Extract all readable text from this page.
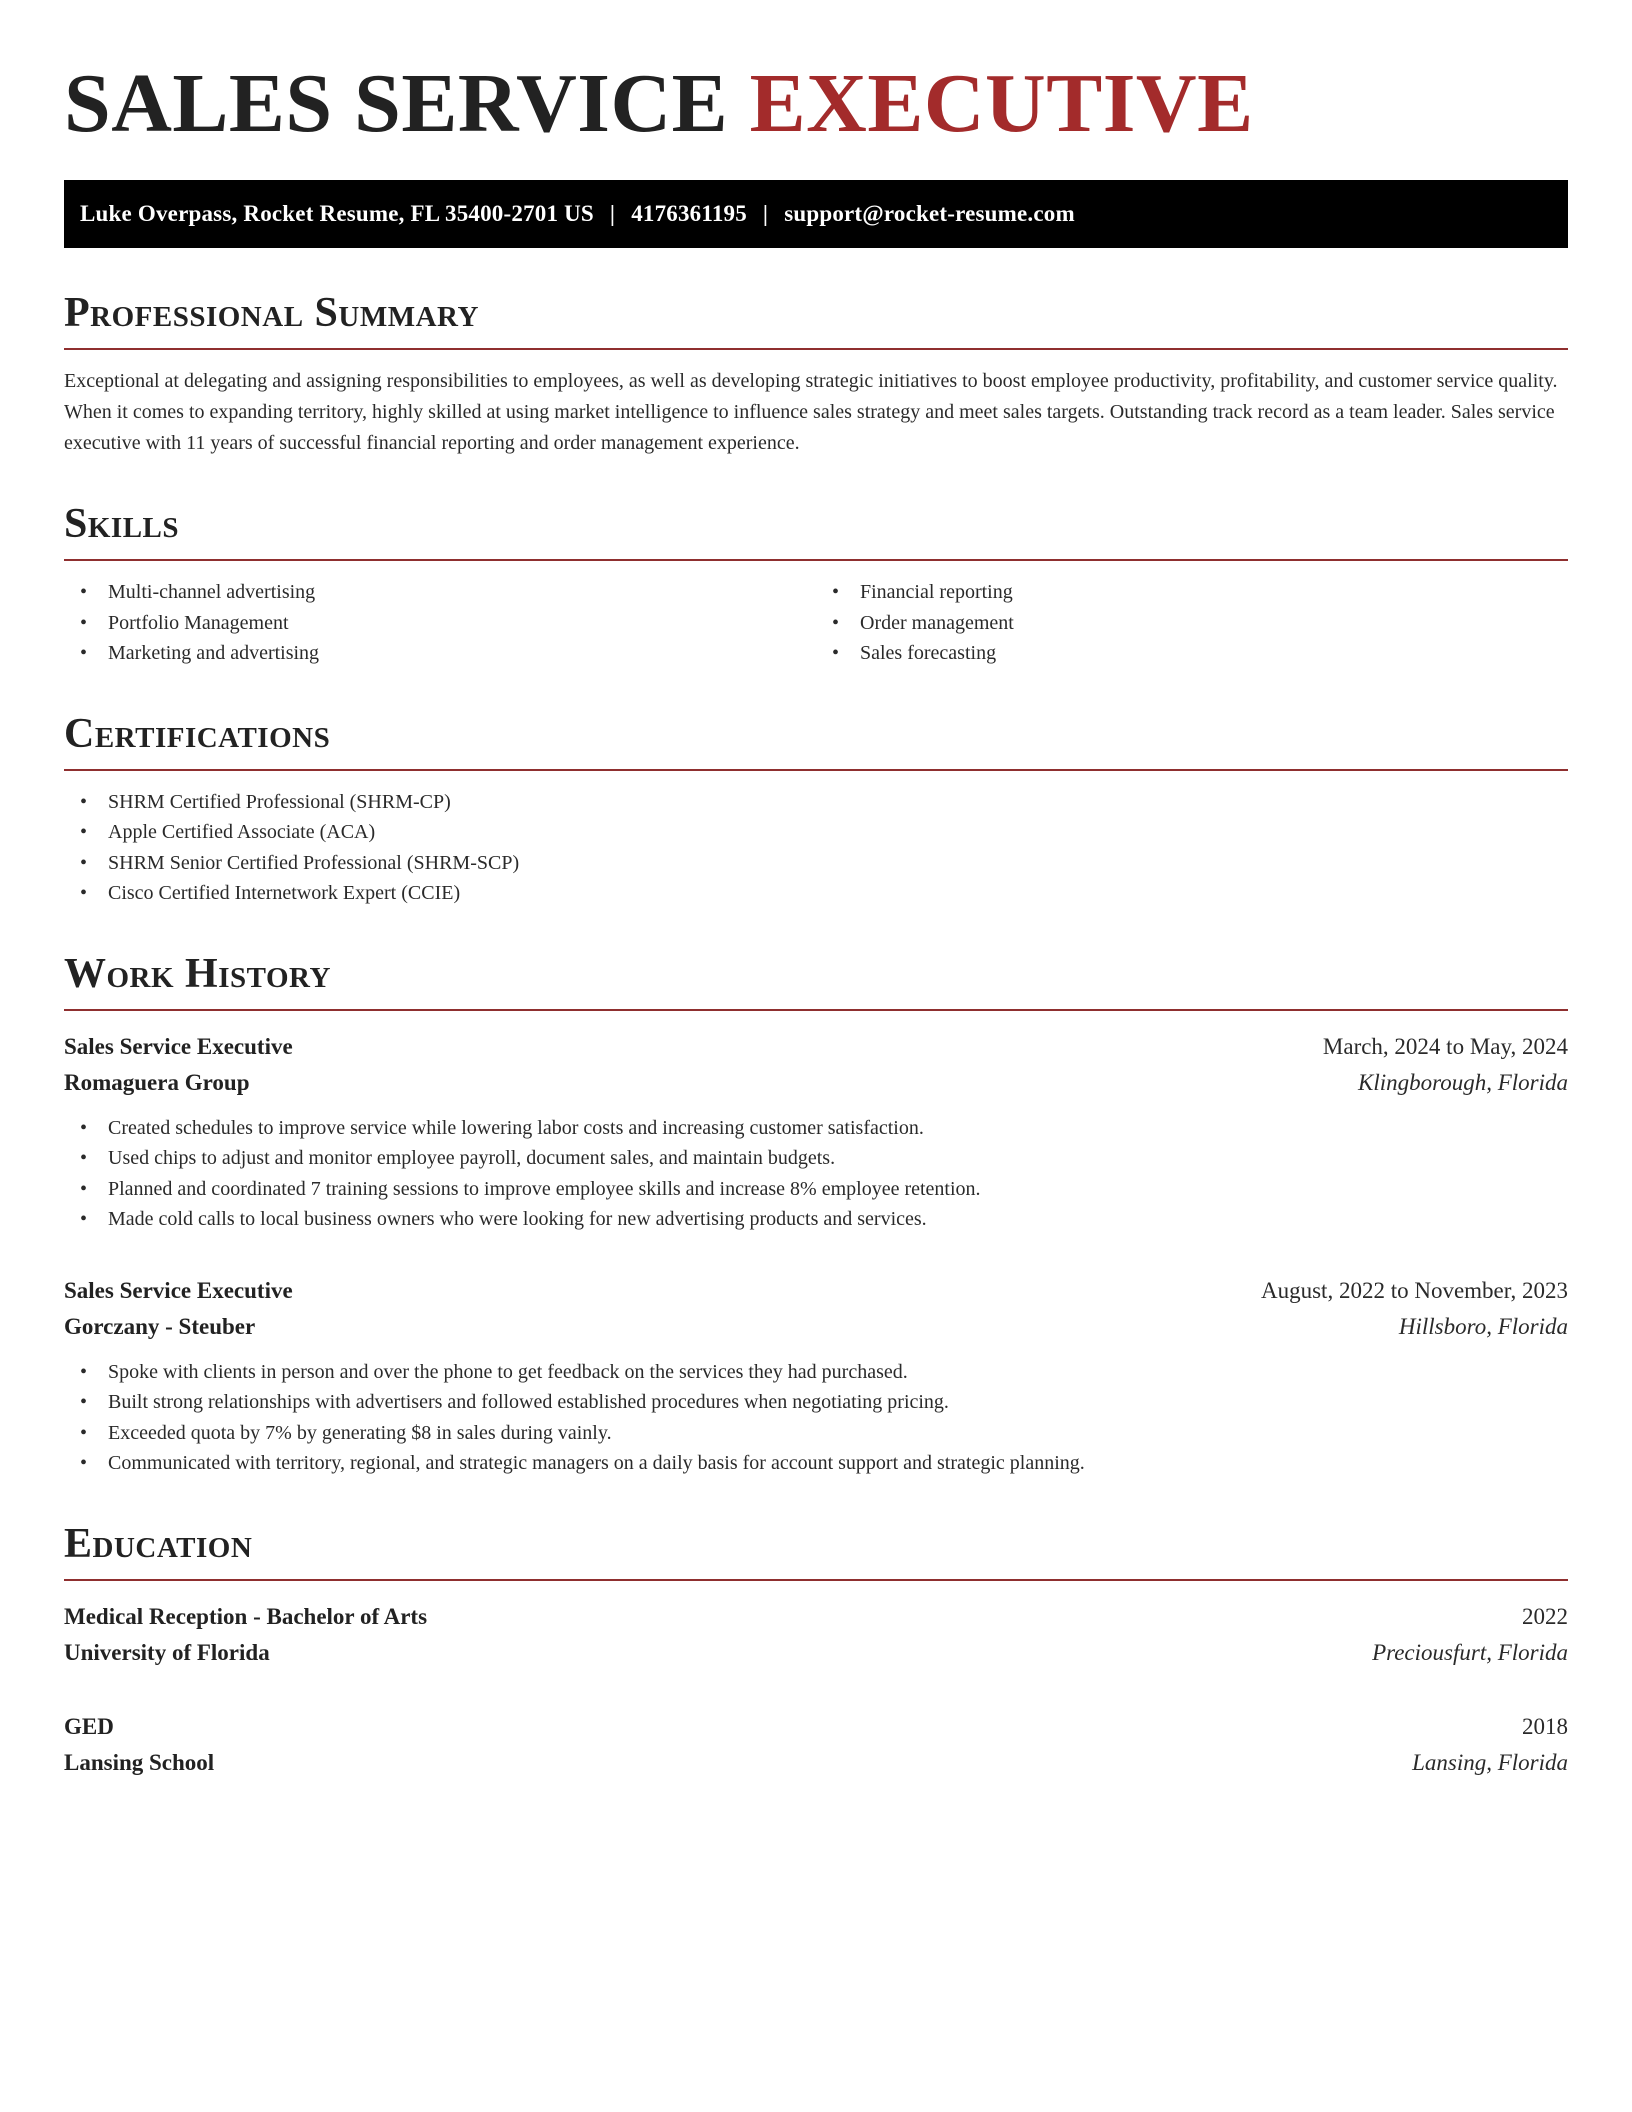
SALES SERVICE EXECUTIVE
Luke Overpass, Rocket Resume, FL 35400-2701 US | 4176361195 | support@rocket-resume.com
Professional Summary

Exceptional at delegating and assigning responsibilities to employees, as well as developing strategic initiatives to boost employee productivity, profitability, and customer service quality. When it comes to expanding territory, highly skilled at using market intelligence to influence sales strategy and meet sales targets. Outstanding track record as a team leader. Sales service executive with 11 years of successful financial reporting and order management experience.

Skills
• Multi-channel advertising
• Portfolio Management
• Marketing and advertising
• Financial reporting
• Order management
• Sales forecasting
Certifications
• SHRM Certified Professional (SHRM-CP)
• Apple Certified Associate (ACA)
• SHRM Senior Certified Professional (SHRM-SCP)
• Cisco Certified Internetwork Expert (CCIE)
Work History
Sales Service Executive	March, 2024 to May, 2024
Romaguera Group	Klingborough, Florida
• Created schedules to improve service while lowering labor costs and increasing customer satisfaction.
• Used chips to adjust and monitor employee payroll, document sales, and maintain budgets.
• Planned and coordinated 7 training sessions to improve employee skills and increase 8% employee retention.
• Made cold calls to local business owners who were looking for new advertising products and services.
Sales Service Executive	August, 2022 to November, 2023
Gorczany - Steuber	Hillsboro, Florida
• Spoke with clients in person and over the phone to get feedback on the services they had purchased.
• Built strong relationships with advertisers and followed established procedures when negotiating pricing.
• Exceeded quota by 7% by generating $8 in sales during vainly.
• Communicated with territory, regional, and strategic managers on a daily basis for account support and strategic planning.
Education
Medical Reception - Bachelor of Arts	2022
University of Florida	Preciousfurt, Florida
GED	2018
Lansing School	Lansing, Florida
